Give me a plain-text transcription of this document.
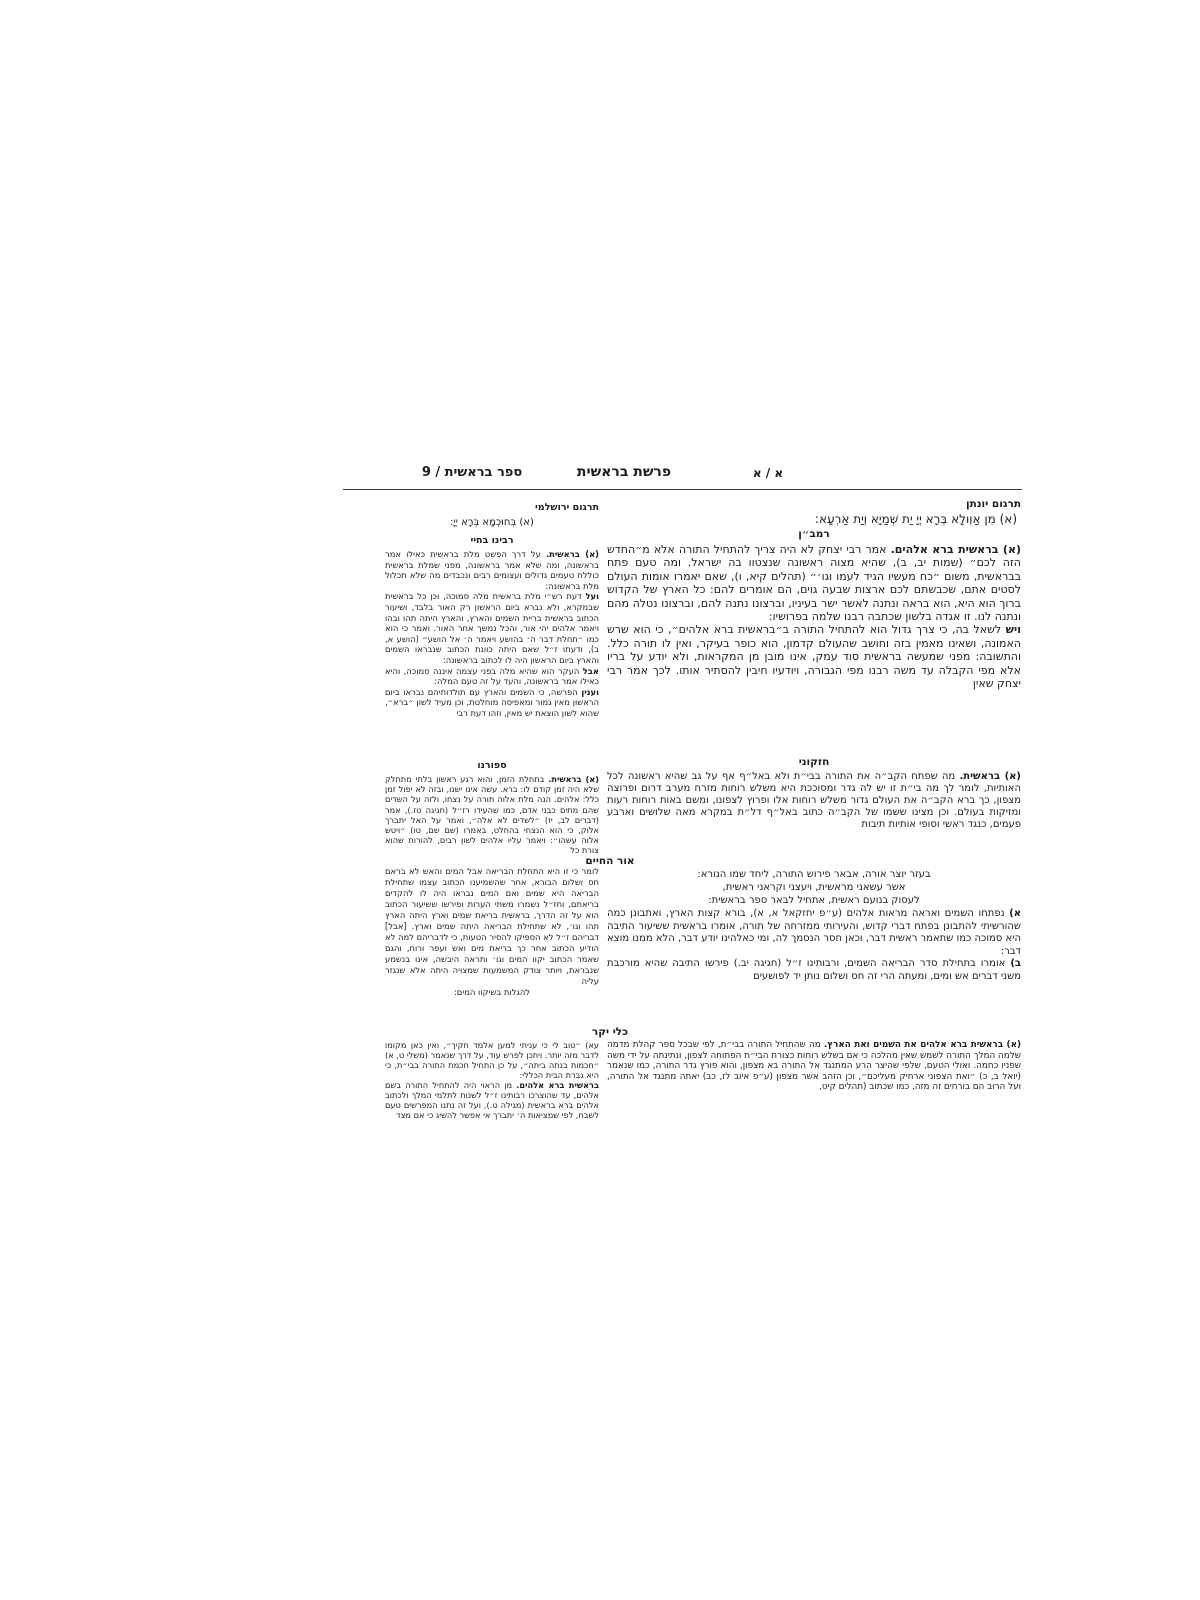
א / א
פרשת בראשית
ספר בראשית / 9
תרגום יונתן
(א) מִן אַוְולָא בְּרָא יְיָ יַת שְׁמַיָא וְיַת אַרְעָא:
תרגום ירושלמי
(א) בְּחוּכְמָא בְּרָא יְיָ:
רמב״ן

(א) בראשית ברא אלהים. אמר רבי יצחק לא היה צריך להתחיל התורה אלא מ״החדש הזה לכם״ (שמות יב, ב), שהיא מצוה ראשונה שנצטוו בה ישראל. ומה טעם פתח בבראשית, משום ״כח מעשיו הגיד לעמו וגו׳״ (תהלים קיא, ו), שאם יאמרו אומות העולם לסטים אתם, שכבשתם לכם ארצות שבעה גוים, הם אומרים להם: כל הארץ של הקדוש ברוך הוא היא, הוא בראה ונתנה לאשר ישר בעיניו, וברצונו נתנה להם, וברצונו נטלה מהם ונתנה לנו. זו אגדה בלשון שכתבה רבנו שלמה בפרושיו:

ויש לשאל בה, כי צרך גדול הוא להתחיל התורה ב״בראשית ברא אלהים״, כי הוא שרש האמונה, ושאינו מאמין בזה וחושב שהעולם קדמון, הוא כופר בעיקר, ואין לו תורה כלל. והתשובה: מפני שמעשה בראשית סוד עמק, אינו מובן מן המקראות, ולא יודע על בריו אלא מפי הקבלה עד משה רבנו מפי הגבורה, ויודעיו חיבין להסתיר אותו. לכך אמר רבי יצחק שאין

חזקוני

(א) בראשית. מה שפתח הקב״ה את התורה בבי״ת ולא באל״ף אף על גב שהיא ראשונה לכל האותיות, לומר לך מה בי״ת זו יש לה גדר ומסוככת היא משלש רוחות מזרח מערב דרום ופרוצה מצפון, כך ברא הקב״ה את העולם גדור משלש רוחות אלו ופרוץ לצפונו, ומשם באות רוחות רעות ומזיקות בעולם. וכן מצינו ששמו של הקב״ה כתוב באל״ף דל״ת במקרא מאה שלושים וארבע פעמים, כנגד ראשי וסופי אותיות תיבות

רבינו בחיי

(א) בראשית. על דרך הפשט מלת בראשית כאילו אמר בראשונה, ומה שלא אמר בראשונה, מפני שמלת בראשית כוללת טעמים גדולים ועצומים רבים ונכבדים מה שלא תכלול מלת בראשונה:

ועל דעת רש״י מלת בראשית מלה סמוכה, וכן כל בראשית שבמקרא, ולא נברא ביום הראשון רק האור בלבד, ושיעור הכתוב בראשית בריית השמים והארץ, והארץ היתה תהו ובהו ויאמר אלהים יהי אור, והכל נמשך אחר האור. ואמר כי הוא כמו ״תחלת דבר ה׳ בהושע ויאמר ה׳ אל הושע״ (הושע א, ב), ודעתו ז״ל שאם היתה כוונת הכתוב שנבראו השמים והארץ ביום הראשון היה לו לכתוב בראשונה:

אבל העקר הוא שהיא מלה בפני עצמה איננה סמוכה, והיא כאילו אמר בראשונה, והעד על זה טעם המלה:

וענין הפרשה, כי השמים והארץ עם תולדותיהם נבראו ביום הראשון מאין גמור ומאפיסה מוחלטת, וכן מעיד לשון ״ברא״, שהוא לשון הוצאת יש מאין, וזהו דעת רבי

ספורנו

(א) בראשית. בתחלת הזמן, והוא רגע ראשון בלתי מתחלק שלא היה זמן קודם לו: ברא. עשה אינו ישנו, ובזה לא יפול זמן כלל: אלהים. הנה מלת אלוה תורה על נצחו, ולזה על השדים שהם מתים כבני אדם, כמו שהעידו רז״ל (חגיגה טז.), אמר (דברים לב, יז) ״לשדים לא אלה״, ואמר על האל יתברך אלוק, כי הוא הנצחי בהחלט, באמרו (שם שם, טו) ״ויטש אלוה עשהו״: ויאמר עליו אלהים לשון רבים, להורות שהוא צורת כל

אור החיים
בעזר יוצר אורה, אבאר פירוש התורה, ליחד שמו הנורא:
אשר עשאני מראשית, ויעצני וקראני ראשית,
לעסוק בנועם ראשית, אתחיל לבאר ספר בראשית:

א) נפתחו השמים ואראה מראות אלהים (ע״פ יחזקאל א, א), בורא קצות הארץ, ואתבונן כמה שהורשיתי להתבונן בפתח דברי קדוש, והעירותי ממזרחה של תורה, אומרו בראשית ששיעור התיבה היא סמוכה כמו שתאמר ראשית דבר, וכאן חסר הנסמך לה, ומי כאלהינו יודע דבר, הלא ממנו מוצא דבר:

ב) אומרו בתחילת סדר הבריאה השמים, ורבותינו ז״ל (חגיגה יב.) פירשו התיבה שהיא מורכבת משני דברים אש ומים, ומעתה הרי זה חס ושלום נותן יד לפושעים

לומר כי זו היא התחלת הבריאה אבל המים והאש לא בראם חס ושלום הבורא, אחר שהשמיענו הכתוב עצמו שתחילת הבריאה היא שמים ואם המים נבראו היה לו להקדים בריאתם, וחז״ל נשמרו משתי הערות ופירשו ששיעור הכתוב הוא על זה הדרך, בראשית בריאת שמים וארץ היתה הארץ תהו וגו׳, לא שתחילת הבריאה היתה שמים וארץ. [אבל] דבריהם ז״ל לא הספיקו להסיר הטעות, כי לדבריהם למה לא הודיע הכתוב אחר כך בריאת מים ואש ועפר ורוח, והגם שאמר הכתוב יקוו המים וגו׳ ותראה היבשה, אינו בנשמע שנבראת, ויותר צודק המשמעות שמצויה היתה אלא שנגזר עליה

להגלות בשיקוו המים:
כלי יקר

(א) בראשית ברא אלהים את השמים ואת הארץ. מה שהתחיל התורה בבי״ת, לפי שבכל ספר קהלת מדמה שלמה המלך התורה לשמש שאין מהלכה כי אם בשלש רוחות כצורת הבי״ת הפתוחה לצפון, ונתינתה על ידי משה שפניו כחמה. ואולי הטעם, שלפי שהיצר הרע המתנגד אל התורה בא מצפון, והוא פורץ גדר התורה, כמו שנאמר (יואל ב, כ) ״ואת הצפוני ארחיק מעליכם״, וכן הזהב אשר מצפון (ע״פ איוב לז, כב) יאתה מתנגד אל התורה, ועל הרוב הם בורחים זה מזה, כמו שכתוב (תהלים קיט,

עא) ״טוב לי כי עניתי למען אלמד חקיך״, ואין כאן מקומו לדבר מזה יותר. ויתכן לפרש עוד, על דרך שנאמר (משלי ט, א) ״חכמות בנתה ביתה״, על כן התחיל חכמת התורה בבי״ת, כי היא גברת הבית הכללי:

בראשית ברא אלהים. מן הראוי היה להתחיל התורה בשם אלהים, עד שהוצרכו רבותינו ז״ל לשנות לתלמי המלך ולכתוב אלהים ברא בראשית (מגילה ט.), ועל זה נתנו המפרשים טעם לשבח, לפי שמציאות ה׳ יתברך אי אפשר להשיג כי אם מצד
